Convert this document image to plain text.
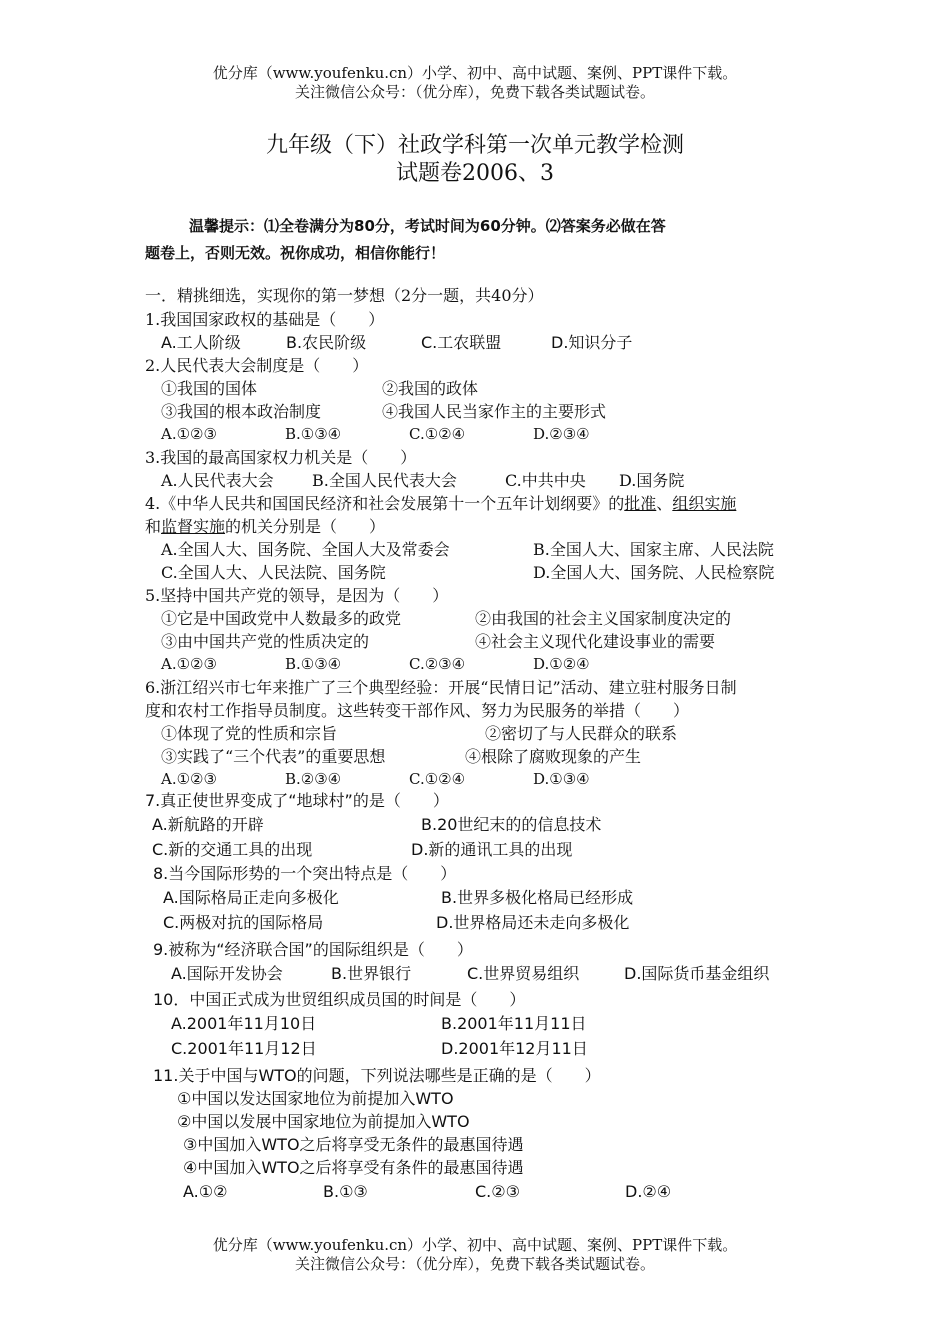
优分库（www.youfenku.cn）小学、初中、高中试题、案例、PPT课件下载。
关注微信公众号：（优分库），免费下载各类试题试卷。
九年级（下）社政学科第一次单元教学检测
试题卷2006、3
温馨提示：⑴全卷满分为80分，考试时间为60分钟。⑵答案务必做在答
题卷上，否则无效。祝你成功，相信你能行！
一．精挑细选，实现你的第一梦想（2分一题，共40分）
1.我国国家政权的基础是（　　）
A.工人阶级	B.农民阶级	C.工农联盟	D.知识分子
2.人民代表大会制度是（　　）
①我国的国体	②我国的政体
③我国的根本政治制度	④我国人民当家作主的主要形式
A.①②③	B.①③④	C.①②④	D.②③④
3.我国的最高国家权力机关是（　　）
A.人民代表大会 B.全国人民代表大会	C.中共中央 D.国务院
4.《中华人民共和国国民经济和社会发展第十一个五年计划纲要》的批准、组织实施
和监督实施的机关分别是（　　）
A.全国人大、国务院、全国人大及常委会	B.全国人大、国家主席、人民法院
C.全国人大、人民法院、国务院	D.全国人大、国务院、人民检察院
5.坚持中国共产党的领导，是因为（　　）
①它是中国政党中人数最多的政党	②由我国的社会主义国家制度决定的
③由中国共产党的性质决定的	④社会主义现代化建设事业的需要
A.①②③	B.①③④	C.②③④	D.①②④
6.浙江绍兴市七年来推广了三个典型经验：开展“民情日记”活动、建立驻村服务日制
度和农村工作指导员制度。这些转变干部作风、努力为民服务的举措（　　）
①体现了党的性质和宗旨	②密切了与人民群众的联系
③实践了“三个代表”的重要思想	④根除了腐败现象的产生
A.①②③	B.②③④	C.①②④	D.①③④
7.真正使世界变成了“地球村”的是（　　）
A.新航路的开辟	B.20世纪末的的信息技术
C.新的交通工具的出现	D.新的通讯工具的出现
8.当今国际形势的一个突出特点是（　　）
A.国际格局正走向多极化	B.世界多极化格局已经形成
C.两极对抗的国际格局	D.世界格局还未走向多极化
9.被称为“经济联合国”的国际组织是（　　）
A.国际开发协会	B.世界银行	C.世界贸易组织	D.国际货币基金组织
10．中国正式成为世贸组织成员国的时间是（　　）
A.2001年11月10日	B.2001年11月11日
C.2001年11月12日	D.2001年12月11日
11.关于中国与WTO的问题，下列说法哪些是正确的是（　　）
①中国以发达国家地位为前提加入WTO
②中国以发展中国家地位为前提加入WTO
③中国加入WTO之后将享受无条件的最惠国待遇
④中国加入WTO之后将享受有条件的最惠国待遇
A.①②	B.①③	C.②③	D.②④
优分库（www.youfenku.cn）小学、初中、高中试题、案例、PPT课件下载。
关注微信公众号：（优分库），免费下载各类试题试卷。
